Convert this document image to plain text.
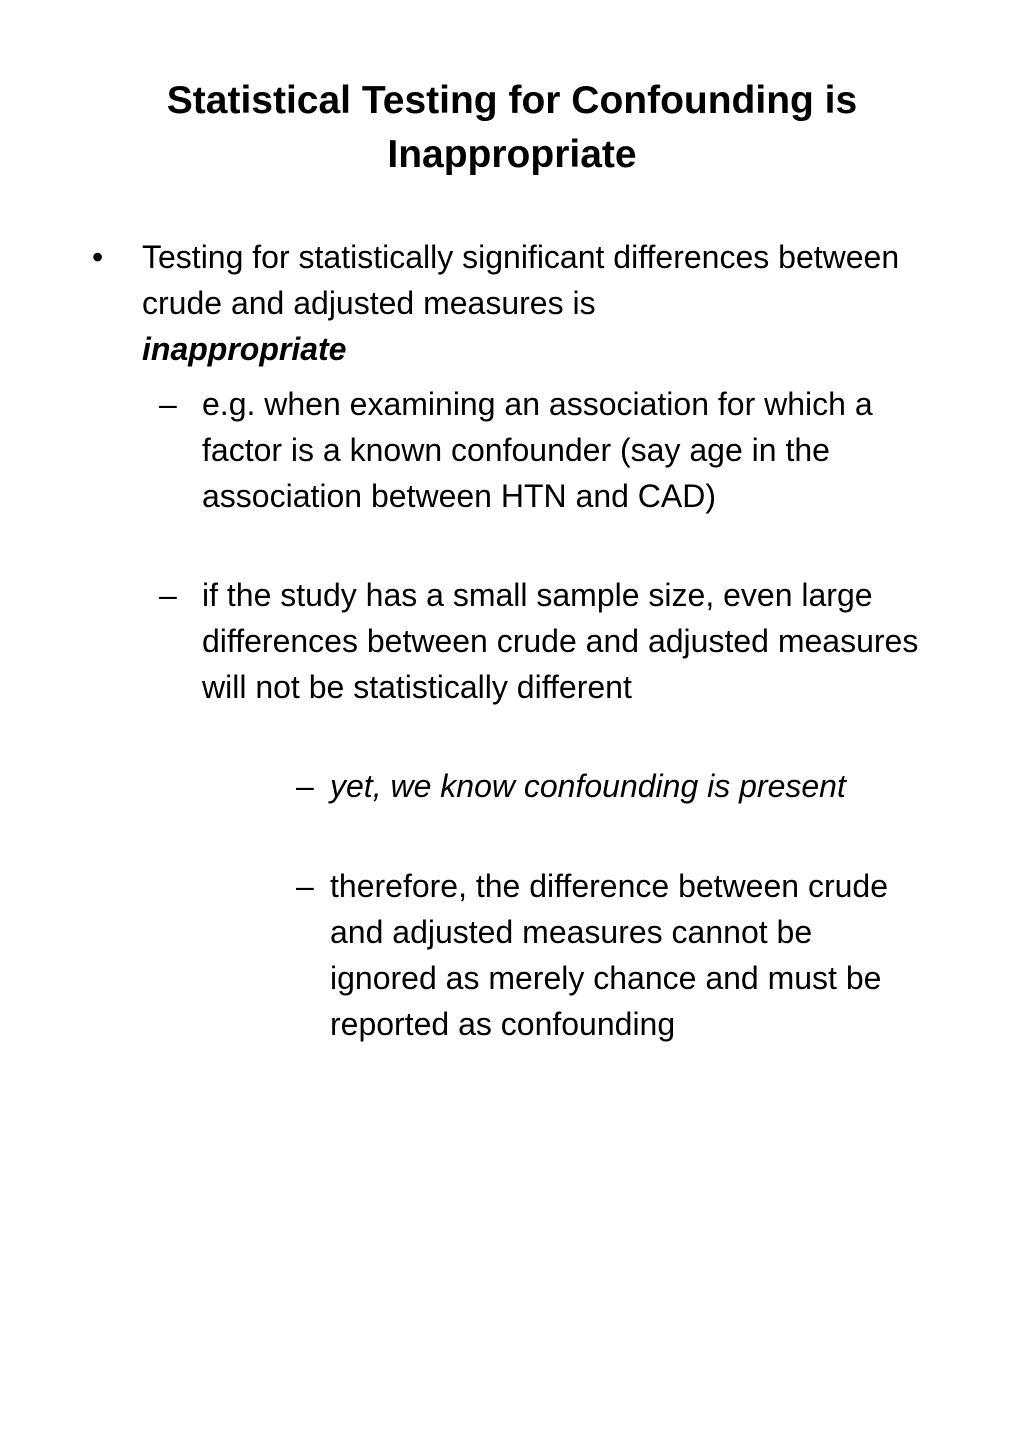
Statistical Testing for Confounding is
Inappropriate
• Testing for statistically significant differences between crude and adjusted measures is
inappropriate
– e.g. when examining an association for which a factor is a known confounder (say age in the association between HTN and CAD)
– if the study has a small sample size, even large differences between crude and adjusted measures will not be statistically different
– yet, we know confounding is present
– therefore, the difference between crude and adjusted measures cannot be ignored as merely chance and must be reported as confounding
